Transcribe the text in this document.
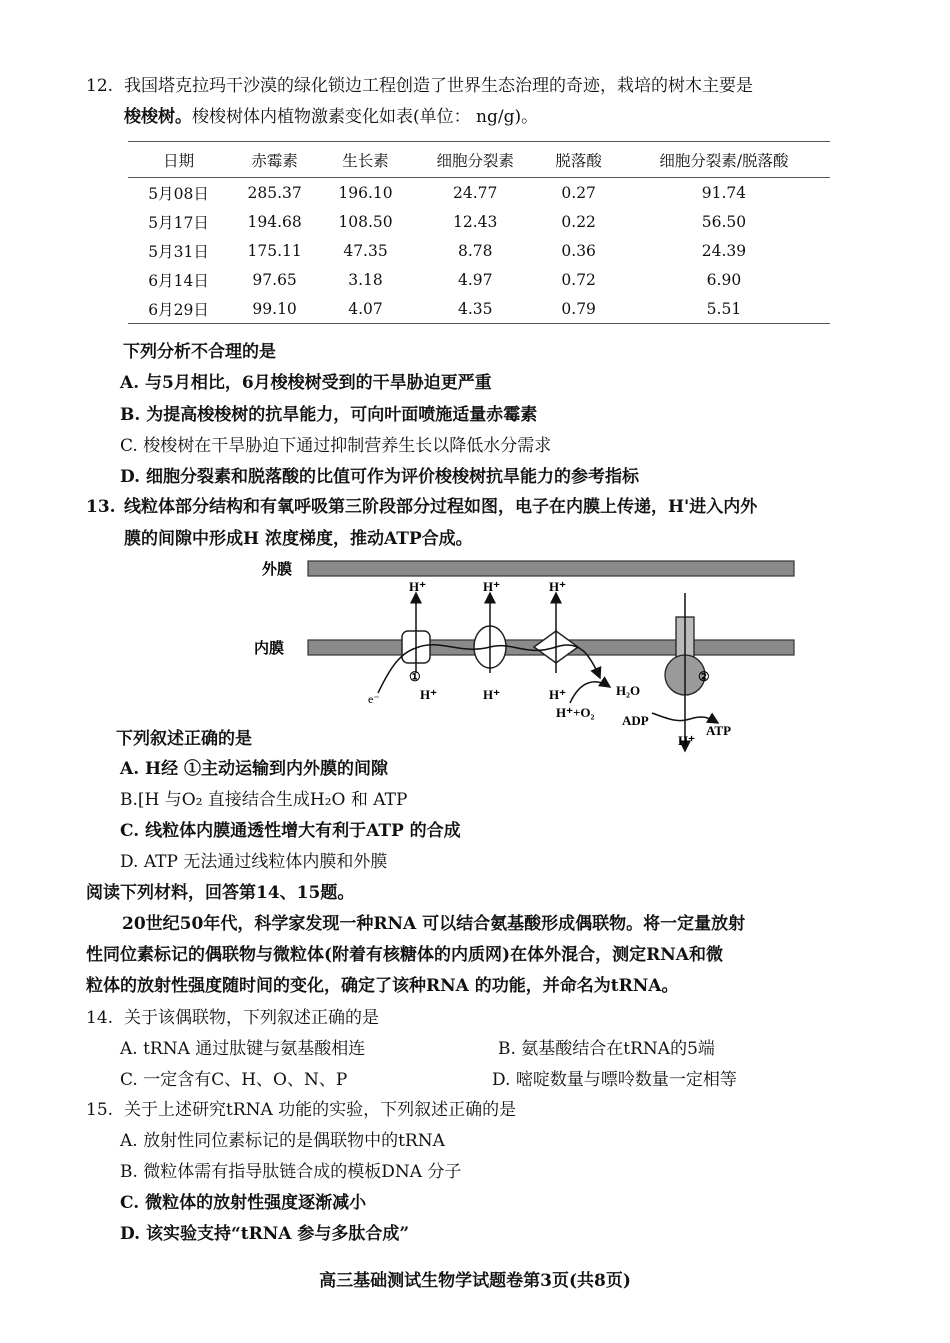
12. 我国塔克拉玛干沙漠的绿化锁边工程创造了世界生态治理的奇迹，栽培的树木主要是
梭梭树。梭梭树体内植物激素变化如表(单位： ng/g)。
日期	赤霉素	生长素	细胞分裂素	脱落酸	细胞分裂素/脱落酸
5月08日	285.37	196.10	24.77	0.27	91.74
5月17日	194.68	108.50	12.43	0.22	56.50
5月31日	175.11	47.35	8.78	0.36	24.39
6月14日	97.65	3.18	4.97	0.72	6.90
6月29日	99.10	4.07	4.35	0.79	5.51
下列分析不合理的是
A. 与5月相比，6月梭梭树受到的干旱胁迫更严重
B. 为提高梭梭树的抗旱能力，可向叶面喷施适量赤霉素
C. 梭梭树在干旱胁迫下通过抑制营养生长以降低水分需求
D. 细胞分裂素和脱落酸的比值可作为评价梭梭树抗旱能力的参考指标
13. 线粒体部分结构和有氧呼吸第三阶段部分过程如图，电子在内膜上传递，H'进入内外
膜的间隙中形成H 浓度梯度，推动ATP合成。
外膜
内膜
①	②
e⁻
H⁺	H⁺	H⁺
H⁺	H⁺	H⁺
H⁺
H₂O
H⁺+O₂
ADP
ATP
下列叙述正确的是
A. H经 ①主动运输到内外膜的间隙
B.[H 与O₂ 直接结合生成H₂O 和 ATP
C. 线粒体内膜通透性增大有利于ATP 的合成
D. ATP 无法通过线粒体内膜和外膜
阅读下列材料，回答第14、15题。
20世纪50年代，科学家发现一种RNA 可以结合氨基酸形成偶联物。将一定量放射
性同位素标记的偶联物与微粒体(附着有核糖体的内质网)在体外混合，测定RNA和微
粒体的放射性强度随时间的变化，确定了该种RNA 的功能，并命名为tRNA。
14. 关于该偶联物，下列叙述正确的是
A. tRNA 通过肽键与氨基酸相连	B. 氨基酸结合在tRNA的5端
C. 一定含有C、H、O、N、P	D. 嘧啶数量与嘌呤数量一定相等
15. 关于上述研究tRNA 功能的实验，下列叙述正确的是
A. 放射性同位素标记的是偶联物中的tRNA
B. 微粒体需有指导肽链合成的模板DNA 分子
C. 微粒体的放射性强度逐渐减小
D. 该实验支持“tRNA 参与多肽合成”
高三基础测试生物学试题卷第3页(共8页)
